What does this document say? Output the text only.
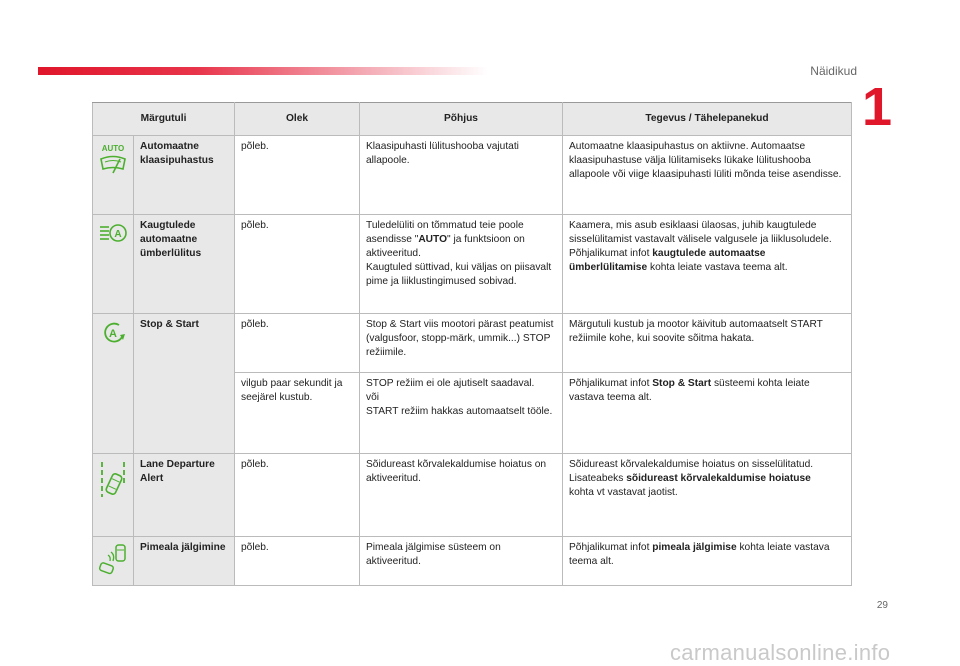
Näidikud
1
Märgutuli		Olek	Põhjus	Tegevus / Tähelepanekud

AUTO	Automaatne klaasipuhastus	põleb.	Klaasipuhasti lülitushooba vajutati allapoole.	Automaatne klaasipuhastus on aktiivne. Automaatse klaasipuhastuse välja lülitamiseks lükake lülitushooba allapoole või viige klaasipuhasti lüliti mõnda teise asendisse.

A	Kaugtulede automaatne ümberlülitus	põleb.	Tuledelüliti on tõmmatud teie poole asendisse "AUTO" ja funktsioon on aktiveeritud.
Kaugtuled süttivad, kui väljas on piisavalt pime ja liiklustingimused sobivad.	Kaamera, mis asub esiklaasi ülaosas, juhib kaugtulede sisselülitamist vastavalt välisele valgusele ja liiklusoludele.
Põhjalikumat infot kaugtulede automaatse ümberlülitamise kohta leiate vastava teema alt.

A	Stop & Start	põleb.	Stop & Start viis mootori pärast peatumist (valgusfoor, stopp-märk, ummik...) STOP režiimile.	Märgutuli kustub ja mootor käivitub automaatselt START režiimile kohe, kui soovite sõitma hakata.
		vilgub paar sekundit ja seejärel kustub.	STOP režiim ei ole ajutiselt saadaval.
või
START režiim hakkas automaatselt tööle.	Põhjalikumat infot Stop & Start süsteemi kohta leiate vastava teema alt.

	Lane Departure Alert	põleb.	Sõidureast kõrvalekaldumise hoiatus on aktiveeritud.	Sõidureast kõrvalekaldumise hoiatus on sisselülitatud.
Lisateabeks sõidureast kõrvalekaldumise hoiatuse
kohta vt vastavat jaotist.

	Pimeala jälgimine	põleb.	Pimeala jälgimise süsteem on aktiveeritud.	Põhjalikumat infot pimeala jälgimise kohta leiate vastava teema alt.
29
carmanualsonline.info
